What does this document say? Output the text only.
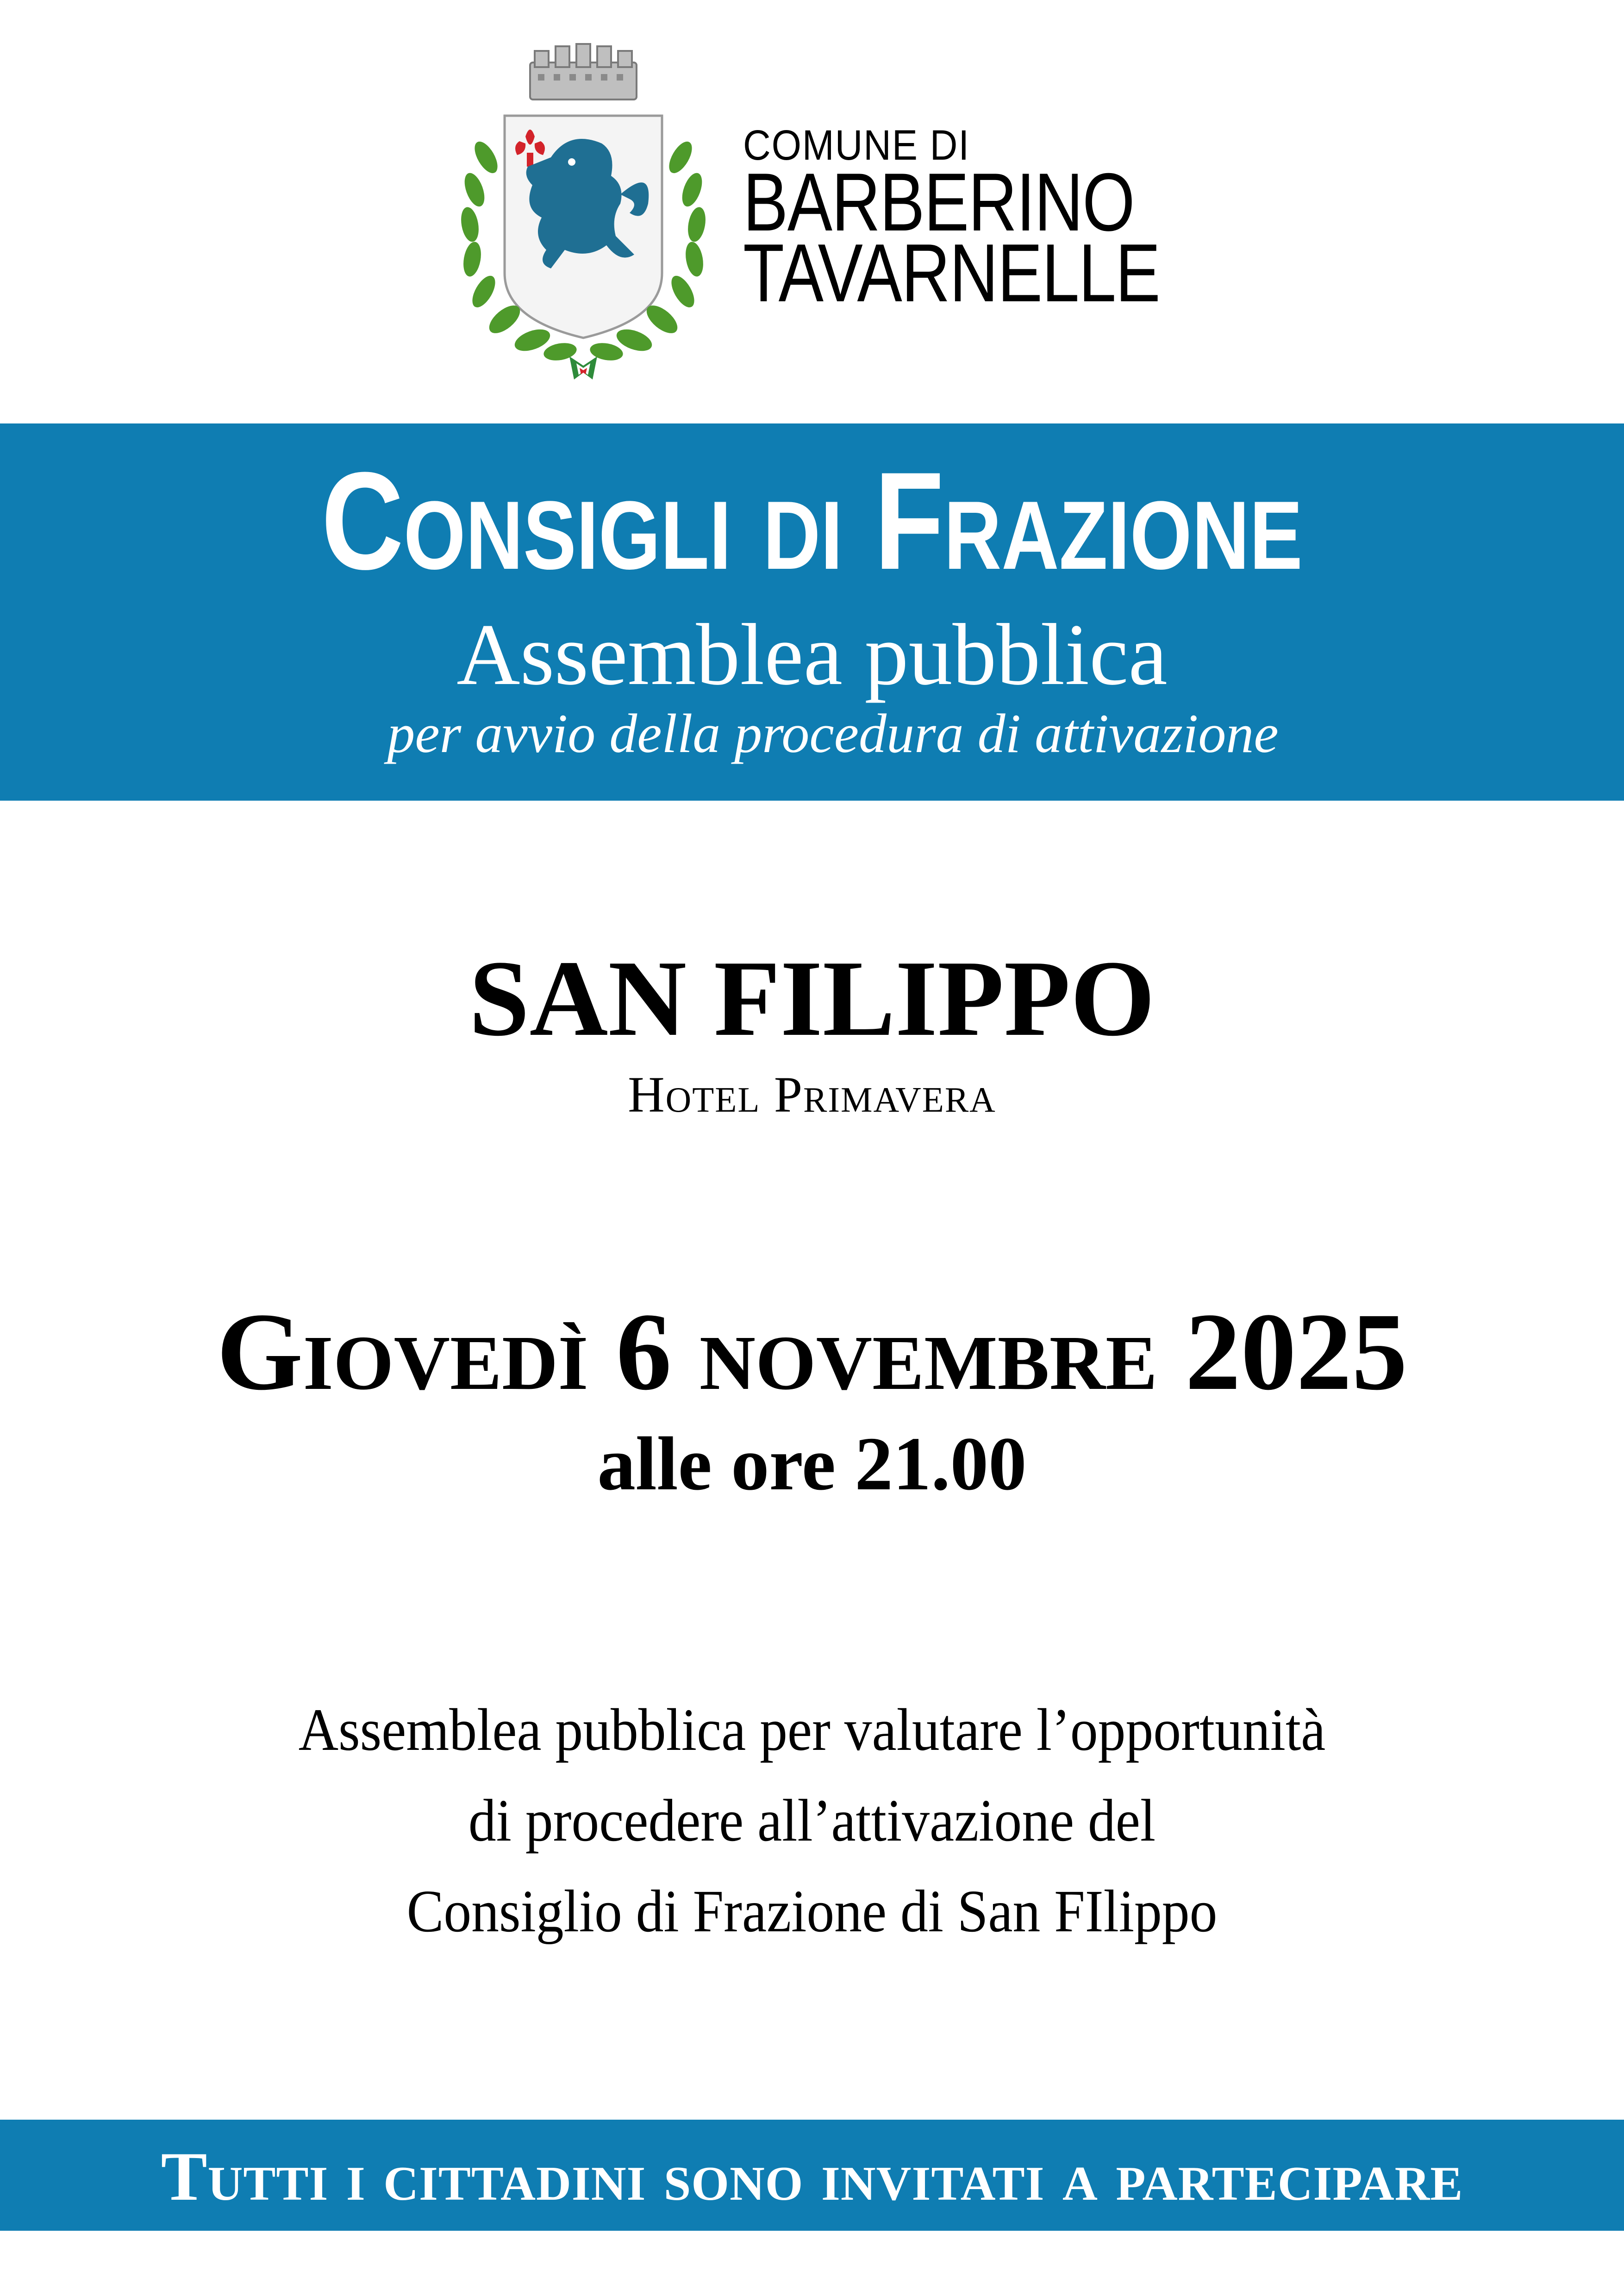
COMUNE DI
BARBERINO
TAVARNELLE
Consigli di Frazione
Assemblea pubblica
per avvio della procedura di attivazione
SAN FILIPPO
Hotel Primavera
Giovedì 6 novembre 2025
alle ore 21.00
Assemblea pubblica per valutare l’opportunità
di procedere all’attivazione del
Consiglio di Frazione di San FIlippo
Tutti i cittadini sono invitati a partecipare
